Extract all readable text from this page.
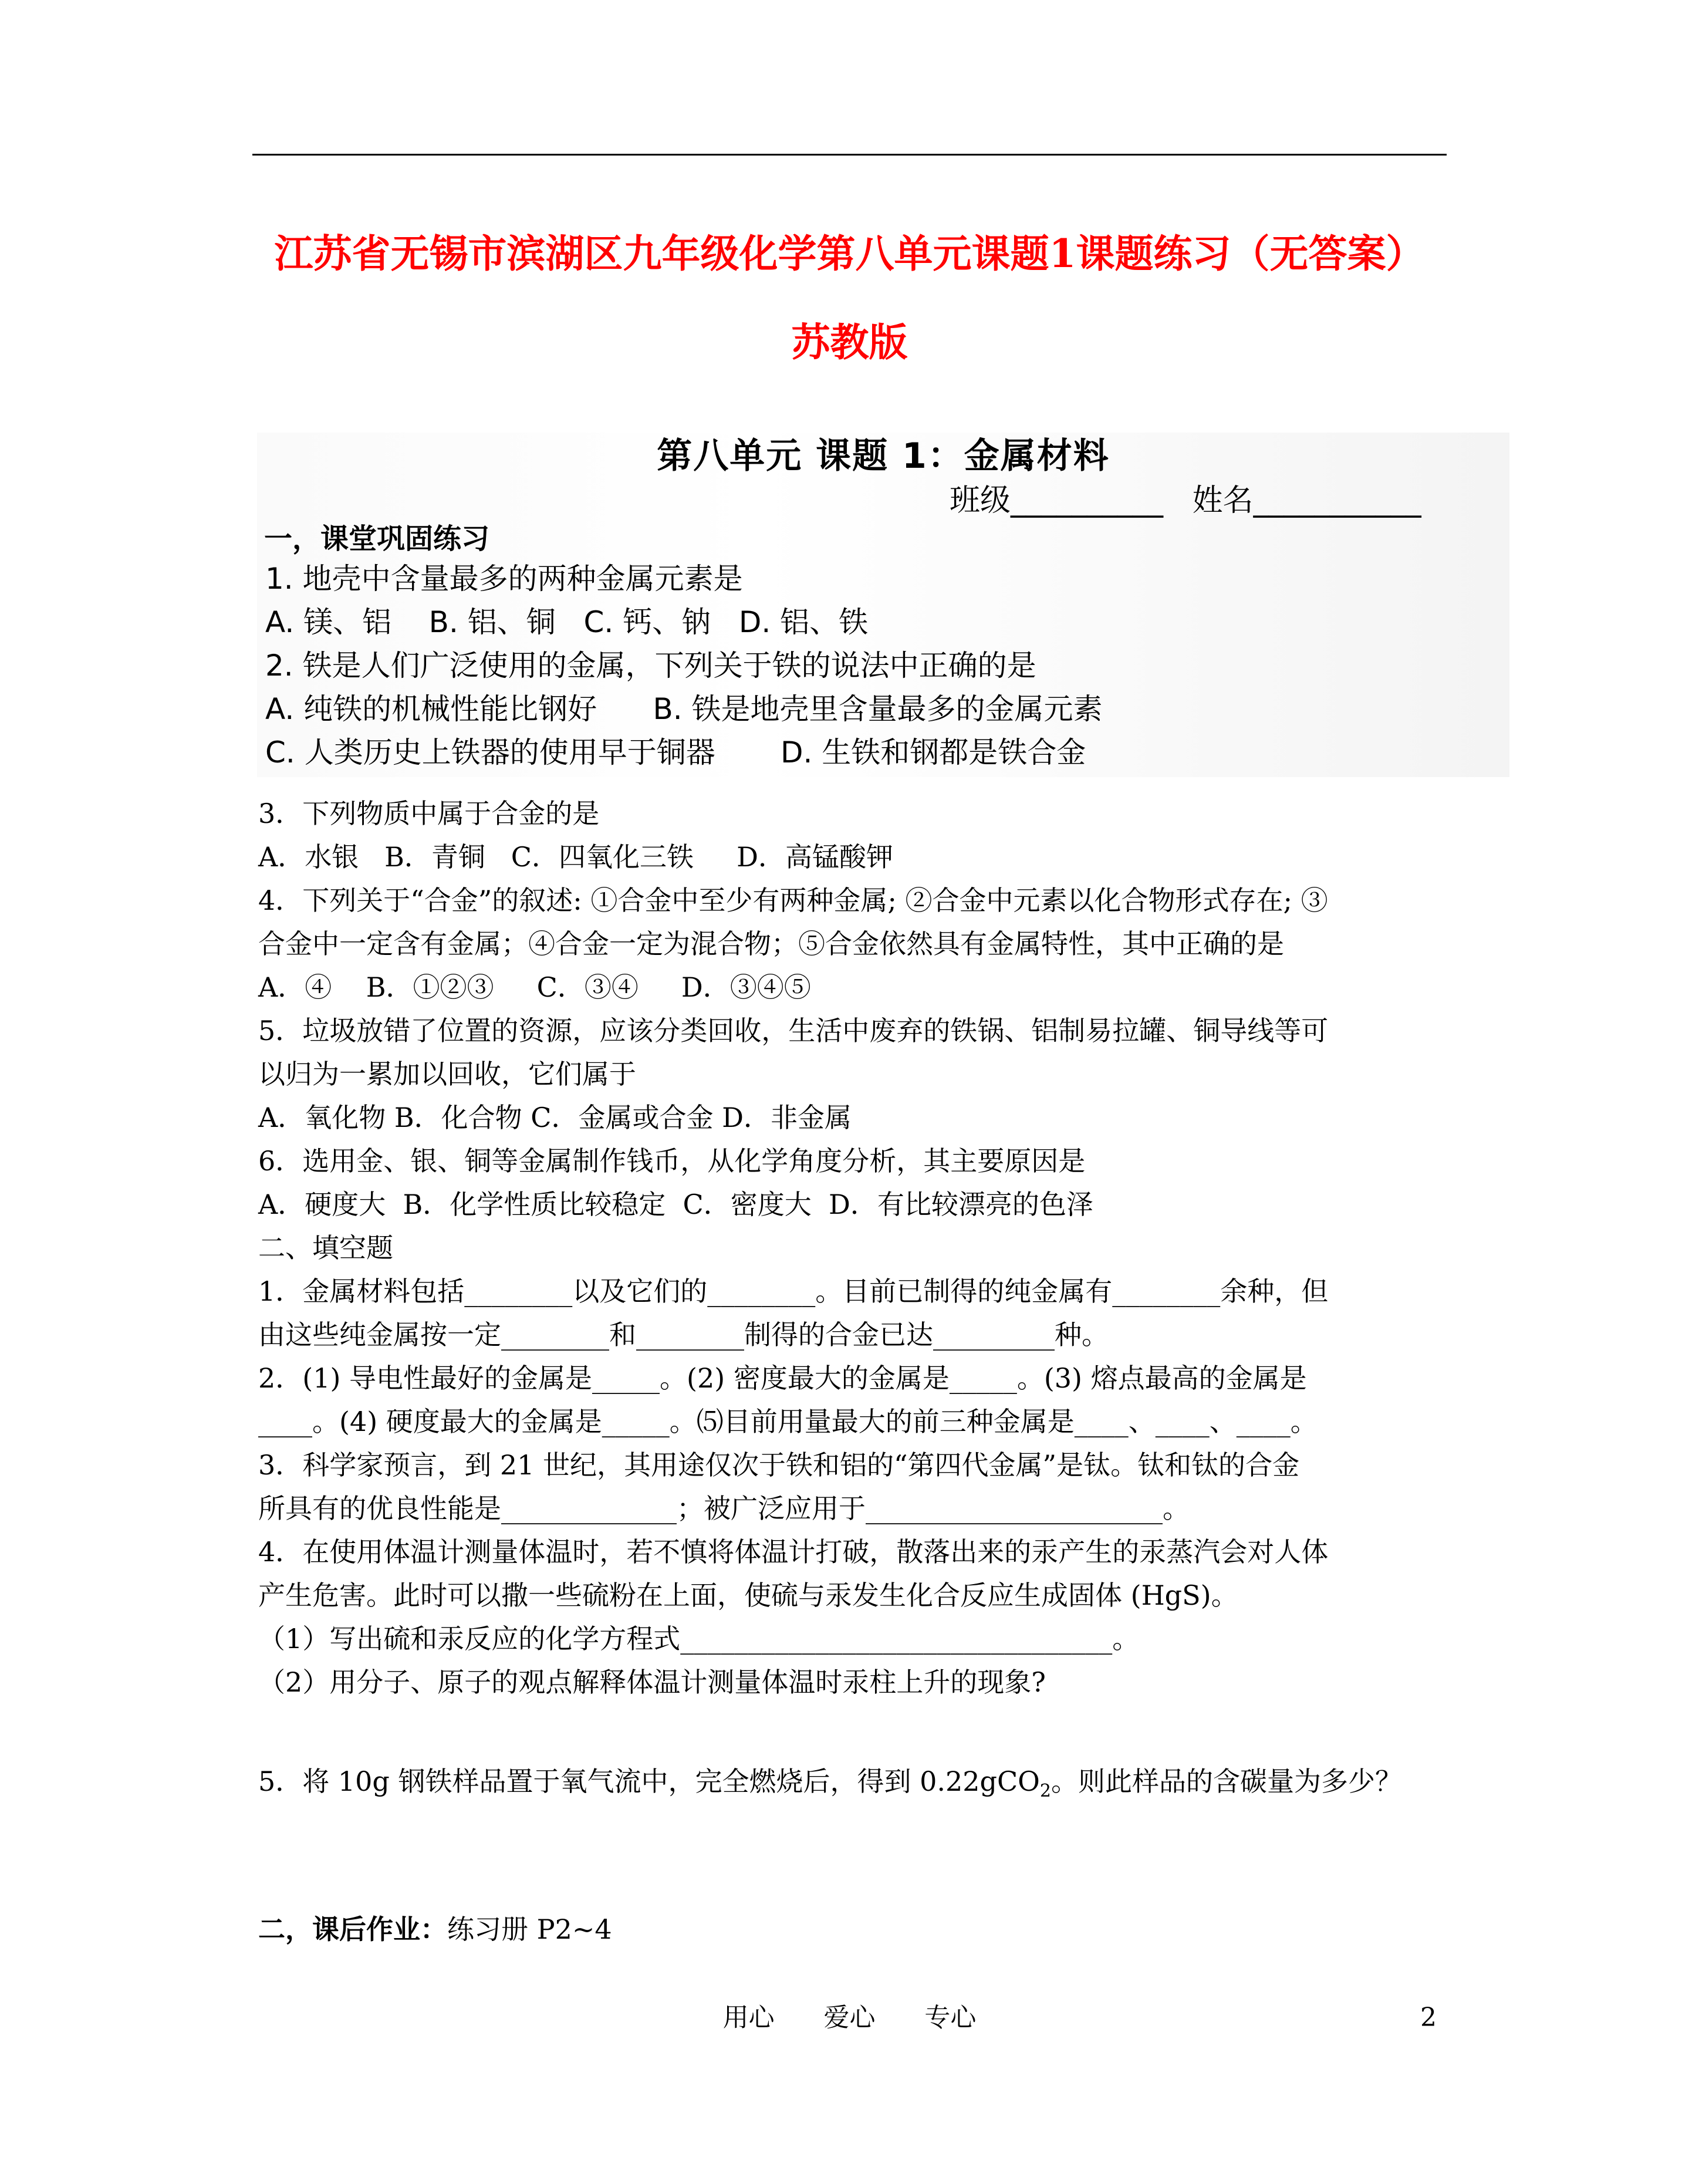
江苏省无锡市滨湖区九年级化学第八单元课题1课题练习（无答案）
苏教版
第八单元 课题 1：金属材料
班级__________   姓名___________
一，课堂巩固练习
1. 地壳中含量最多的两种金属元素是
A. 镁、铝    B. 铝、铜   C. 钙、钠   D. 铝、铁
2. 铁是人们广泛使用的金属，下列关于铁的说法中正确的是
A. 纯铁的机械性能比钢好      B. 铁是地壳里含量最多的金属元素
C. 人类历史上铁器的使用早于铜器       D. 生铁和钢都是铁合金
3．下列物质中属于合金的是
A．水银   B．青铜   C．四氧化三铁     D．高锰酸钾
4．下列关于“合金”的叙述: ①合金中至少有两种金属; ②合金中元素以化合物形式存在; ③
合金中一定含有金属；④合金一定为混合物；⑤合金依然具有金属特性，其中正确的是
A．④    B．①②③     C．③④     D．③④⑤
5．垃圾放错了位置的资源，应该分类回收，生活中废弃的铁锅、铝制易拉罐、铜导线等可
以归为一累加以回收，它们属于
A．氧化物 B．化合物 C．金属或合金 D．非金属
6．选用金、银、铜等金属制作钱币，从化学角度分析，其主要原因是
A．硬度大  B．化学性质比较稳定  C．密度大  D．有比较漂亮的色泽
二、填空题
1．金属材料包括________以及它们的________。目前已制得的纯金属有________余种，但
由这些纯金属按一定________和________制得的合金已达_________种。
2．(1) 导电性最好的金属是_____。(2) 密度最大的金属是_____。(3) 熔点最高的金属是
____。(4) 硬度最大的金属是_____。⑸目前用量最大的前三种金属是____、____、____。
3．科学家预言，到 21 世纪，其用途仅次于铁和铝的“第四代金属”是钛。钛和钛的合金
所具有的优良性能是_____________；被广泛应用于______________________。
4．在使用体温计测量体温时，若不慎将体温计打破，散落出来的汞产生的汞蒸汽会对人体
产生危害。此时可以撒一些硫粉在上面，使硫与汞发生化合反应生成固体 (HgS)。
（1）写出硫和汞反应的化学方程式________________________________。
（2）用分子、原子的观点解释体温计测量体温时汞柱上升的现象?
5．将 10g 钢铁样品置于氧气流中，完全燃烧后，得到 0.22gCO$_2$。则此样品的含碳量为多少？
二，课后作业：练习册 P2~4
用心      爱心      专心	2
